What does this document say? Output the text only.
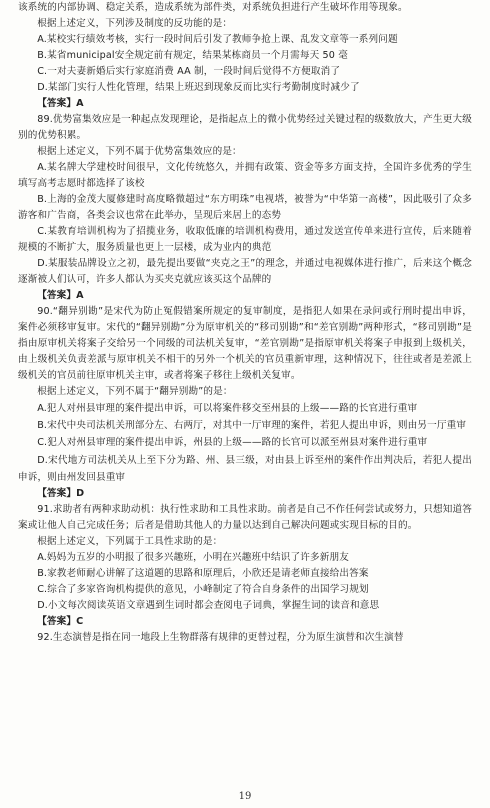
该系统的内部协调、稳定关系，造成系统为部件类，对系统负担进行产生破坏作用等现象。

根据上述定义，下列涉及制度的反功能的是：

A.某校实行绩效考核，实行一段时间后引发了教师争抢上课、乱发文章等一系列问题

B.某省municipal安全规定前有规定，结果某栋商员一个月需每天 50 毫

C.一对夫妻新婚后实行家庭消费 AA 制，一段时间后觉得不方便取消了

D.某部门实行人性化管理，结果上班迟到现象反而比实行考勤制度时减少了

【答案】A

89.优势富集效应是一种起点发现理论，是指起点上的微小优势经过关键过程的级数放大，产生更大级别的优势积累。

根据上述定义，下列不属于优势富集效应的是：

A.某名牌大学建校时间很早，文化传统悠久，并拥有政策、资金等多方面支持，全国许多优秀的学生填写高考志愿时都选择了该校

B.上海的金茂大厦修建时高度略微超过“东方明珠”电视塔，被誉为“中华第一高楼”，因此吸引了众多游客和广告商，各类会议也常在此举办，呈现后来居上的态势

C.某教育培训机构为了招揽业务，收取低廉的培训机构费用，通过发送宣传单来进行宣传，后来随着规模的不断扩大，服务质量也更上一层楼，成为业内的典范

D.某服装品牌设立之初，最先提出要做“夹克之王”的理念，并通过电视媒体进行推广，后来这个概念逐渐被人们认可，许多人都认为买夹克就应该买这个品牌的

【答案】A

90.“翻异别勘”是宋代为防止冤假错案所规定的复审制度，是指犯人如果在录问或行刑时提出申诉，案件必须移审复审。宋代的“翻异别勘”分为原审机关的“移司别勘”和“差官别勘”两种形式，“移司别勘”是指由原审机关将案子交给另一个同级的司法机关复审，“差官别勘”是指原审机关将案子申报到上级机关，由上级机关负责差派与原审机关不相干的另外一个机关的官员重新审理，这种情况下，往往或者是差派上级机关的官员前往原审机关主审，或者将案子移往上级机关复审。

根据上述定义，下列不属于“翻异别勘”的是：

A.犯人对州县审理的案件提出申诉，可以将案件移交至州县的上级——路的长官进行重审

B.宋代中央司法机关刑部分左、右两厅，对其中一厅审理的案件，若犯人提出申诉，则由另一厅重审

C.犯人对州县审理的案件提出申诉，州县的上级——路的长官可以派至州县对案件进行重审

D.宋代地方司法机关从上至下分为路、州、县三级，对由县上诉至州的案件作出判决后，若犯人提出申诉，则由州发回县重审

【答案】D

91.求助者有两种求助动机：执行性求助和工具性求助。前者是自己不作任何尝试或努力，只想知道答案或让他人自己完成任务；后者是借助其他人的力量以达到自己解决问题或实现目标的目的。

根据上述定义，下列属于工具性求助的是：

A.妈妈为五岁的小明报了很多兴趣班，小明在兴趣班中结识了许多新朋友

B.家教老师耐心讲解了这道题的思路和原理后，小欣还是请老师直接给出答案

C.综合了多家咨询机构提供的意见，小峰制定了符合自身条件的出国学习规划

D.小文每次阅读英语文章遇到生词时都会查阅电子词典，掌握生词的读音和意思

【答案】C

92.生态演替是指在同一地段上生物群落有规律的更替过程，分为原生演替和次生演替

19
